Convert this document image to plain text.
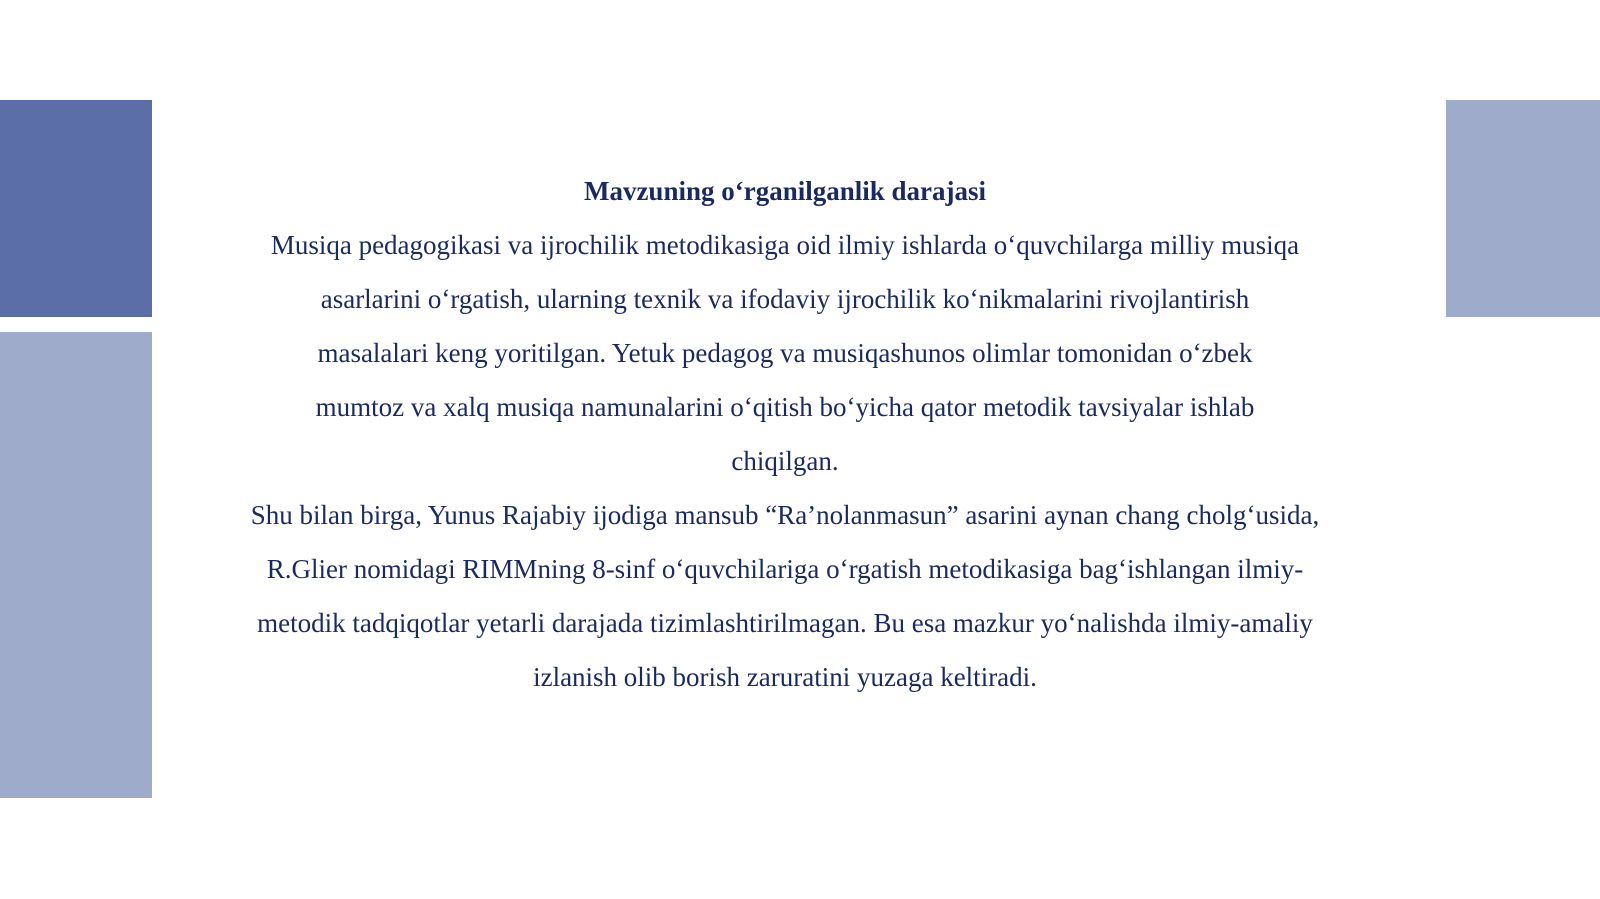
Mavzuning o‘rganilganlik darajasi

Musiqa pedagogikasi va ijrochilik metodikasiga oid ilmiy ishlarda o‘quvchilarga milliy musiqa asarlarini o‘rgatish, ularning texnik va ifodaviy ijrochilik ko‘nikmalarini rivojlantirish masalalari keng yoritilgan. Yetuk pedagog va musiqashunos olimlar tomonidan o‘zbek mumtoz va xalq musiqa namunalarini o‘qitish bo‘yicha qator metodik tavsiyalar ishlab chiqilgan.

Shu bilan birga, Yunus Rajabiy ijodiga mansub “Ra’nolanmasun” asarini aynan chang cholg‘usida, R.Glier nomidagi RIMMning 8-sinf o‘quvchilariga o‘rgatish metodikasiga bag‘ishlangan ilmiy-metodik tadqiqotlar yetarli darajada tizimlashtirilmagan. Bu esa mazkur yo‘nalishda ilmiy-amaliy izlanish olib borish zaruratini yuzaga keltiradi.
